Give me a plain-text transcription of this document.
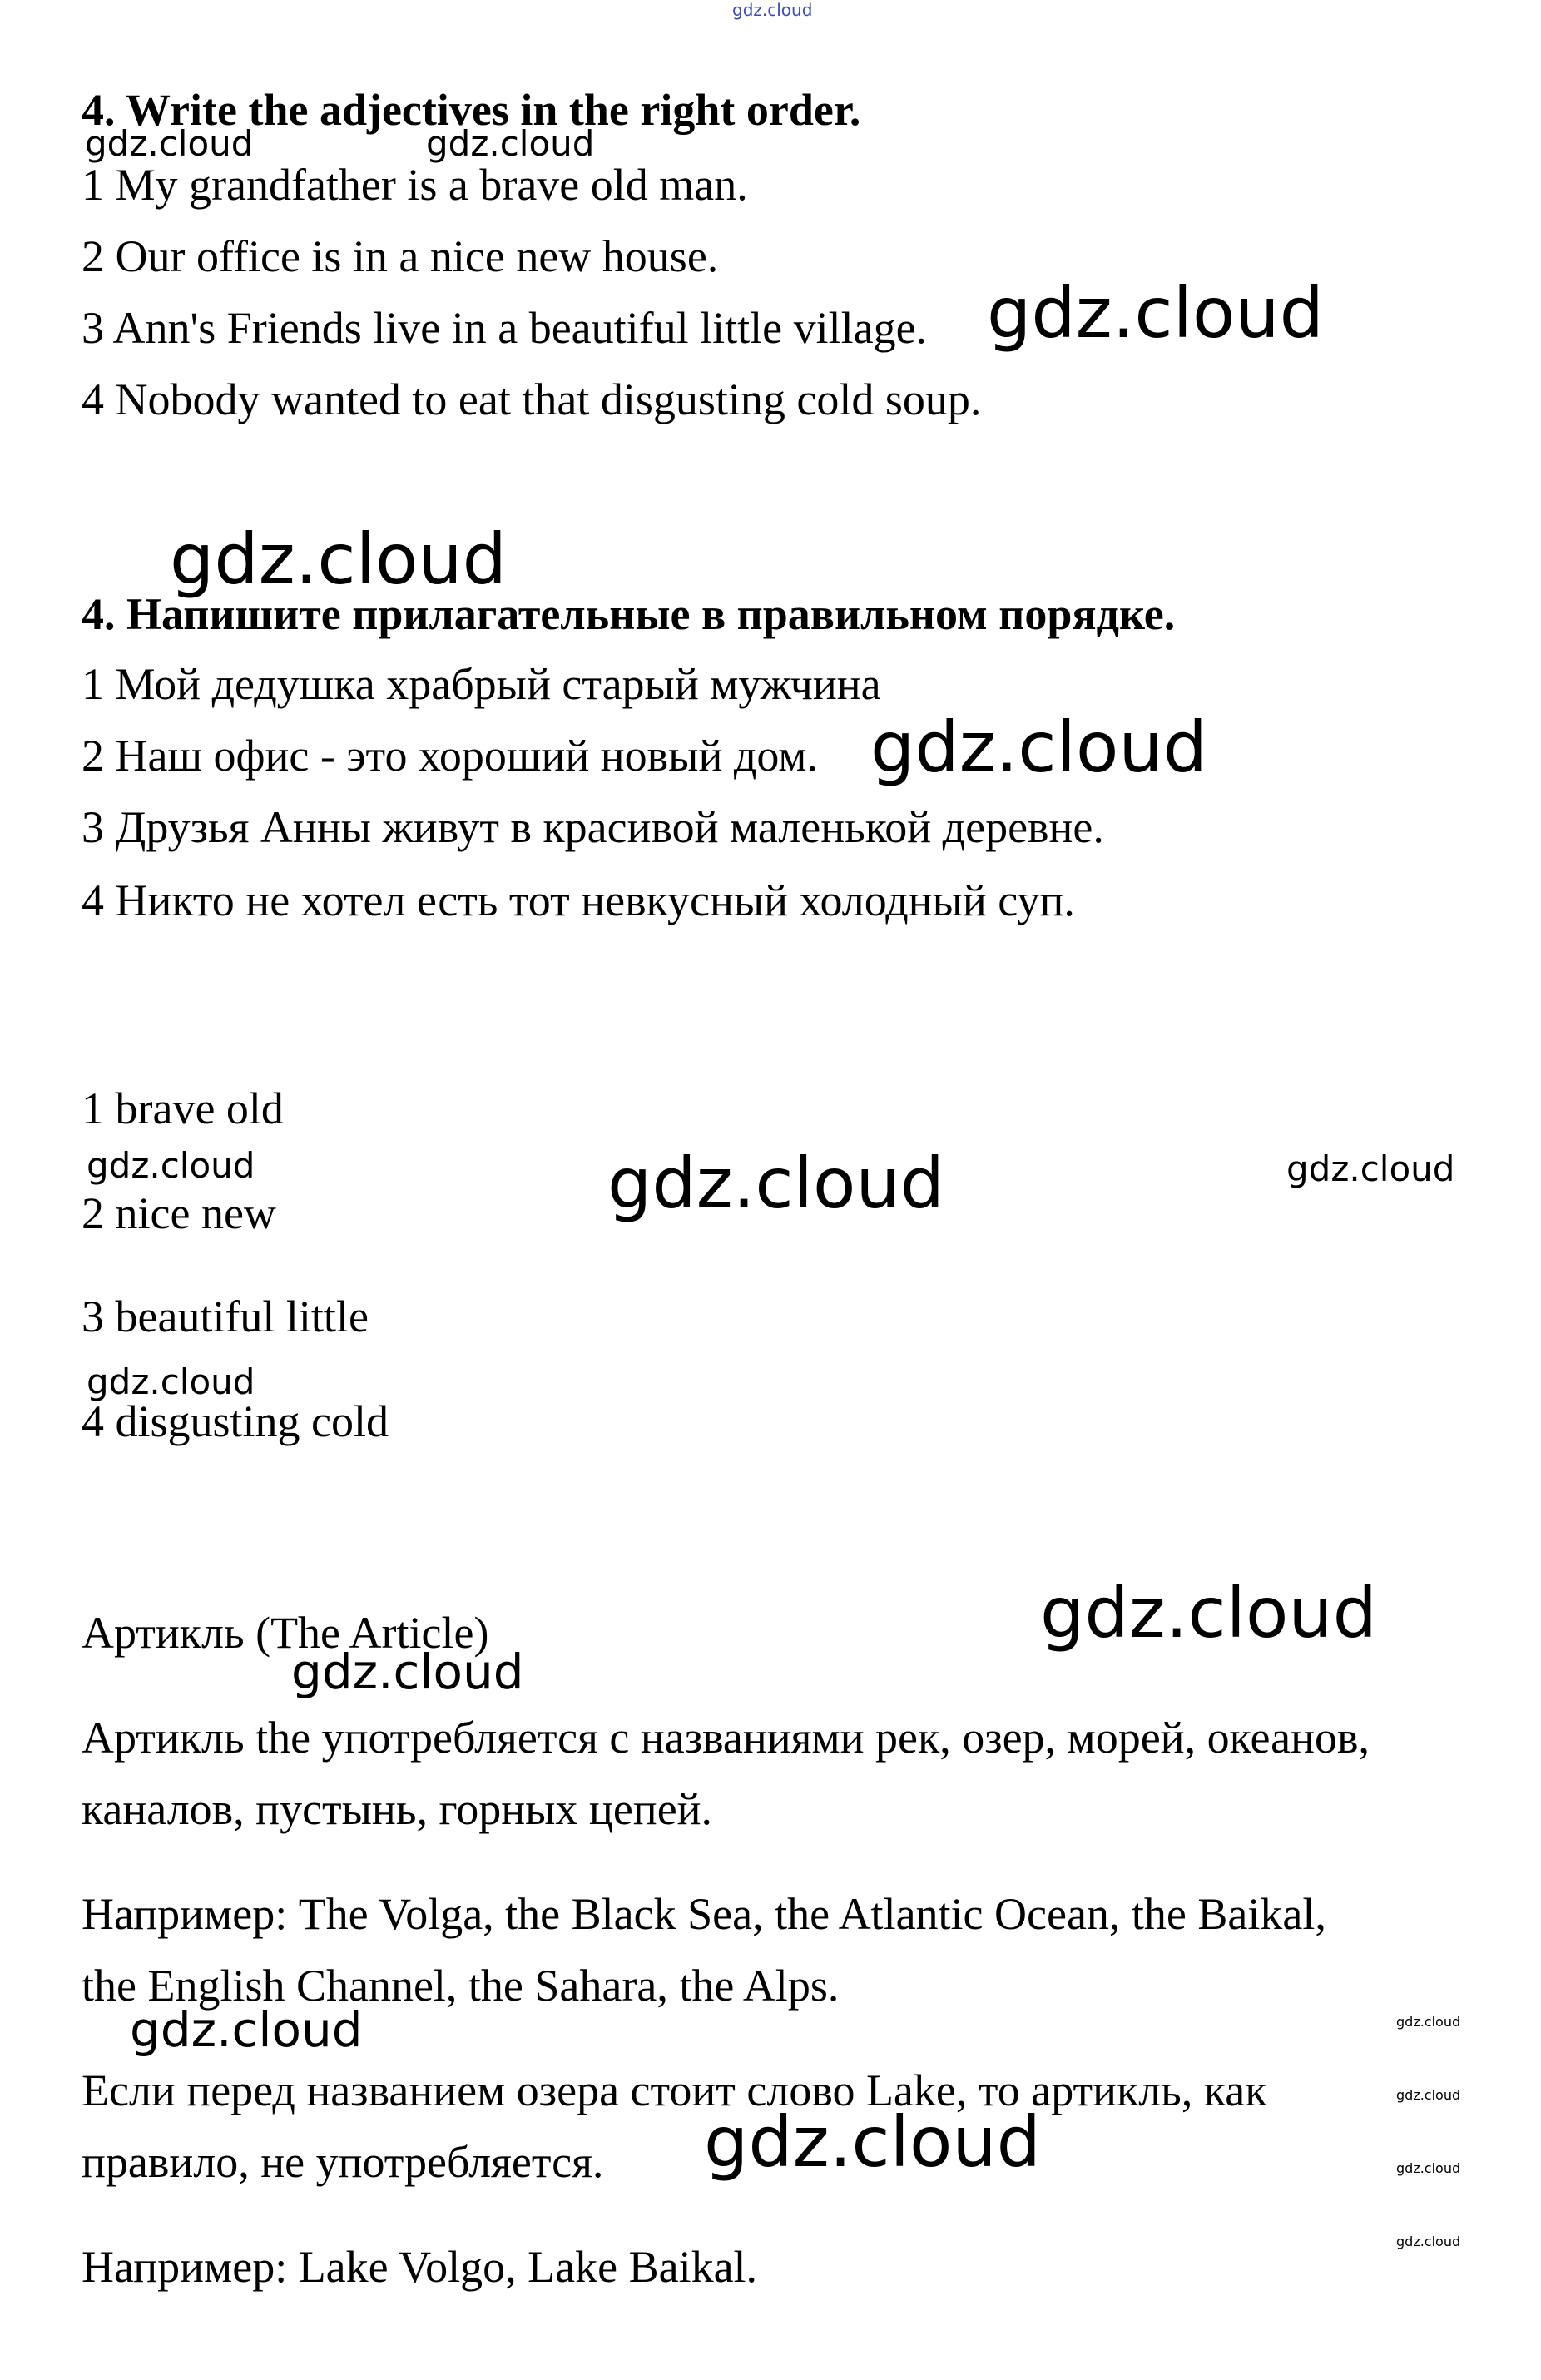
4. Write the adjectives in the right order.

1 My grandfather is a brave old man.

2 Our office is in a nice new house.

3 Ann's Friends live in a beautiful little village.

4 Nobody wanted to eat that disgusting cold soup.

4. Напишите прилагательные в правильном порядке.

1 Мой дедушка храбрый старый мужчина

2 Наш офис - это хороший новый дом.

3 Друзья Анны живут в красивой маленькой деревне.

4 Никто не хотел есть тот невкусный холодный суп.

1 brave old

2 nice new

3 beautiful little

4 disgusting cold

Артикль (The Article)

Артикль the употребляется с названиями рек, озер, морей, океанов,

каналов, пустынь, горных цепей.

Например: The Volga, the Black Sea, the Atlantic Ocean, the Baikal,

the English Channel, the Sahara, the Alps.

Если перед названием озера стоит слово Lake, то артикль, как

правило, не употребляется.

Например: Lake Volgo, Lake Baikal.

gdz.cloud
gdz.cloud	gdz.cloud
gdz.cloud
gdz.cloud
gdz.cloud
gdz.cloud	gdz.cloud	gdz.cloud
gdz.cloud
gdz.cloud
gdz.cloud
gdz.cloud
gdz.cloud
gdz.cloud
gdz.cloud
gdz.cloud
gdz.cloud
